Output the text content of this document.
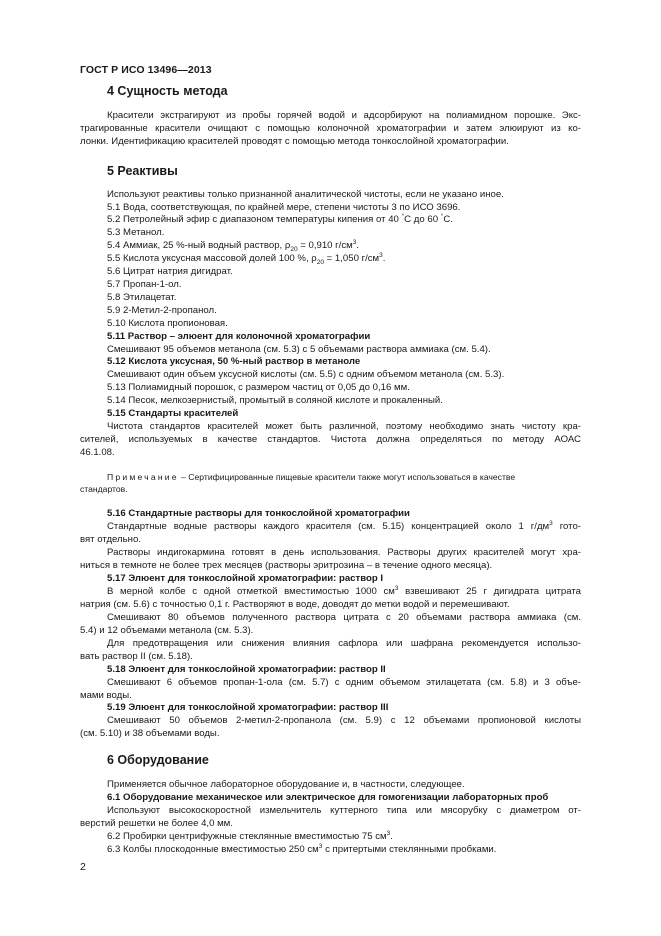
ГОСТ Р ИСО 13496—2013
4 Сущность метода
Красители экстрагируют из пробы горячей водой и адсорбируют на полиамидном порошке. Экс-
трагированные красители очищают с помощью колоночной хроматографии и затем элюируют из ко-
лонки. Идентификацию красителей проводят с помощью метода тонкослойной хроматографии.
5 Реактивы
Используют реактивы только признанной аналитической чистоты, если не указано иное.
5.1 Вода, соответствующая, по крайней мере, степени чистоты 3 по ИСО 3696.
5.2 Петролейный эфир с диапазоном температуры кипения от 40 °С до 60 °С.
5.3 Метанол.
5.4 Аммиак, 25 %-ный водный раствор, $\rho_{20} = 0,910$ $г/см^3$.
5.5 Кислота уксусная массовой долей 100 %, $\rho_{20} = 1,050$ $г/см^3$.
5.6 Цитрат натрия дигидрат.
5.7 Пропан-1-ол.
5.8 Этилацетат.
5.9 2-Метил-2-пропанол.
5.10 Кислота пропионовая.
5.11 Раствор – элюент для колоночной хроматографии
Смешивают 95 объемов метанола (см. 5.3) с 5 объемами раствора аммиака (см. 5.4).
5.12 Кислота уксусная, 50 %-ный раствор в метаноле
Смешивают один объем уксусной кислоты (см. 5.5) с одним объемом метанола (см. 5.3).
5.13 Полиамидный порошок, с размером частиц от 0,05 до 0,16 мм.
5.14 Песок, мелкозернистый, промытый в соляной кислоте и прокаленный.
5.15 Стандарты красителей
Чистота стандартов красителей может быть различной, поэтому необходимо знать чистоту кра-
сителей, используемых в качестве стандартов. Чистота должна определяться по методу АОАС
46.1.08.
Примечание – Сертифицированные пищевые красители также могут использоваться в качестве
стандартов.
5.16 Стандартные растворы для тонкослойной хроматографии
Стандартные водные растворы каждого красителя (см. 5.15) концентрацией около 1 $г/дм^3$ гото-
вят отдельно.
Растворы индигокармина готовят в день использования. Растворы других красителей могут хра-
ниться в темноте не более трех месяцев (растворы эритрозина – в течение одного месяца).
5.17 Элюент для тонкослойной хроматографии: раствор I
В мерной колбе с одной отметкой вместимостью 1000 $см^3$ взвешивают 25 г дигидрата цитрата
натрия (см. 5.6) с точностью 0,1 г. Растворяют в воде, доводят до метки водой и перемешивают.
Смешивают 80 объемов полученного раствора цитрата с 20 объемами раствора аммиака (см.
5.4) и 12 объемами метанола (см. 5.3).
Для предотвращения или снижения влияния сафлора или шафрана рекомендуется использо-
вать раствор II (см. 5.18).
5.18 Элюент для тонкослойной хроматографии: раствор II
Смешивают 6 объемов пропан-1-ола (см. 5.7) с одним объемом этилацетата (см. 5.8) и 3 объе-
мами воды.
5.19 Элюент для тонкослойной хроматографии: раствор III
Смешивают 50 объемов 2-метил-2-пропанола (см. 5.9) с 12 объемами пропионовой кислоты
(см. 5.10) и 38 объемами воды.
6 Оборудование
Применяется обычное лабораторное оборудование и, в частности, следующее.
6.1 Оборудование механическое или электрическое для гомогенизации лабораторных проб
Используют высокоскоростной измельчитель куттерного типа или мясорубку с диаметром от-
верстий решетки не более 4,0 мм.
6.2 Пробирки центрифужные стеклянные вместимостью 75 $см^3$.
6.3 Колбы плоскодонные вместимостью 250 $см^3$ с притертыми стеклянными пробками.
2
